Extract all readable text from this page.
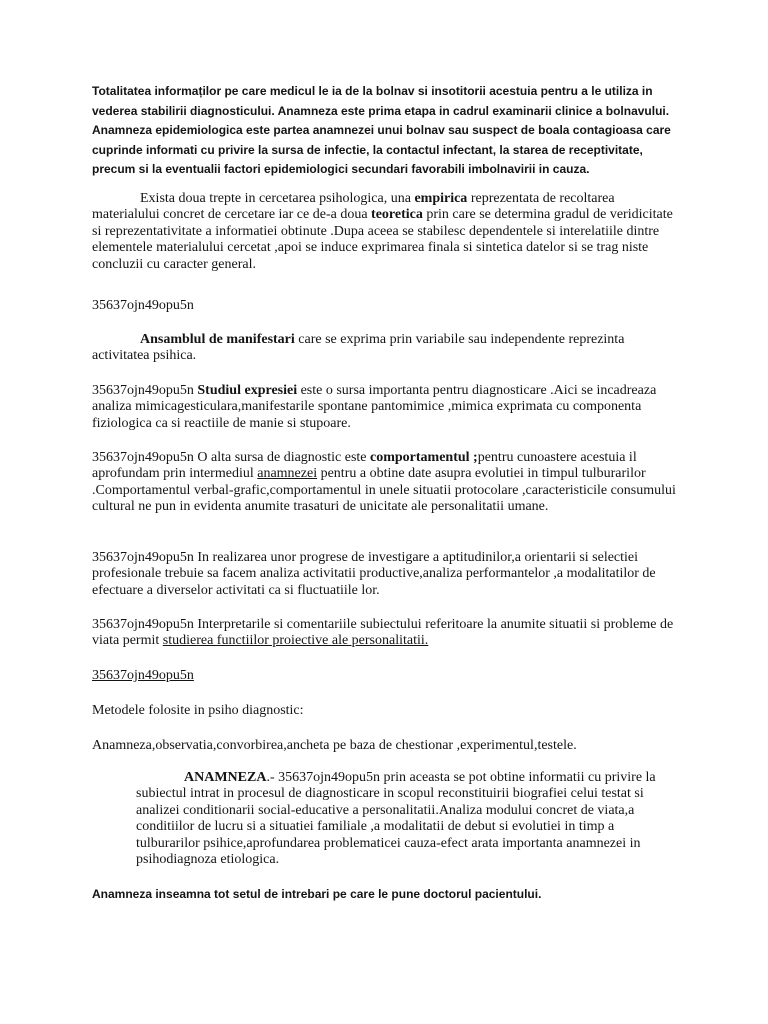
Totalitatea informaților pe care medicul le ia de la bolnav si insotitorii acestuia pentru a le utiliza in vederea stabilirii diagnosticului. Anamneza este prima etapa in cadrul examinarii clinice a bolnavului. Anamneza epidemiologica este partea anamnezei unui bolnav sau suspect de boala contagioasa care cuprinde informati cu privire la sursa de infectie, la contactul infectant, la starea de receptivitate, precum si la eventualii factori epidemiologici secundari favorabili imbolnavirii in cauza.

Exista doua trepte in cercetarea psihologica, una empirica reprezentata de recoltarea materialului concret de cercetare iar ce de-a doua teoretica prin care se determina gradul de veridicitate si reprezentativitate a informatiei obtinute .Dupa aceea se stabilesc dependentele si interelatiile dintre elementele materialului cercetat ,apoi se induce exprimarea finala si sintetica datelor si se trag niste concluzii cu caracter general.

35637ojn49opu5n

Ansamblul de manifestari care se exprima prin variabile sau independente reprezinta activitatea psihica.

35637ojn49opu5n Studiul expresiei este o sursa importanta pentru diagnosticare .Aici se incadreaza analiza mimicagesticulara,manifestarile spontane pantomimice ,mimica exprimata cu componenta fiziologica ca si reactiile de manie si stupoare.

35637ojn49opu5n O alta sursa de diagnostic este comportamentul ;pentru cunoastere acestuia il aprofundam prin intermediul anamnezei pentru a obtine date asupra evolutiei in timpul tulburarilor .Comportamentul verbal-grafic,comportamentul in unele situatii protocolare ,caracteristicile consumului cultural ne pun in evidenta anumite trasaturi de unicitate ale personalitatii umane.

35637ojn49opu5n In realizarea unor progrese de investigare a aptitudinilor,a orientarii si selectiei profesionale trebuie sa facem analiza activitatii productive,analiza performantelor ,a modalitatilor de efectuare a diverselor activitati ca si fluctuatiile lor.

35637ojn49opu5n Interpretarile si comentariile subiectului referitoare la anumite situatii si probleme de viata permit studierea functiilor proiective ale personalitatii.

35637ojn49opu5n

Metodele folosite in psiho diagnostic:

Anamneza,observatia,convorbirea,ancheta pe baza de chestionar ,experimentul,testele.

ANAMNEZA.- 35637ojn49opu5n prin aceasta se pot obtine informatii cu privire la subiectul intrat in procesul de diagnosticare in scopul reconstituirii biografiei celui testat si analizei conditionarii social-educative a personalitatii.Analiza modului concret de viata,a conditiilor de lucru si a situatiei familiale ,a modalitatii de debut si evolutiei in timp a tulburarilor psihice,aprofundarea problematicei cauza-efect arata importanta anamnezei in psihodiagnoza etiologica.

Anamneza inseamna tot setul de intrebari pe care le pune doctorul pacientului.
